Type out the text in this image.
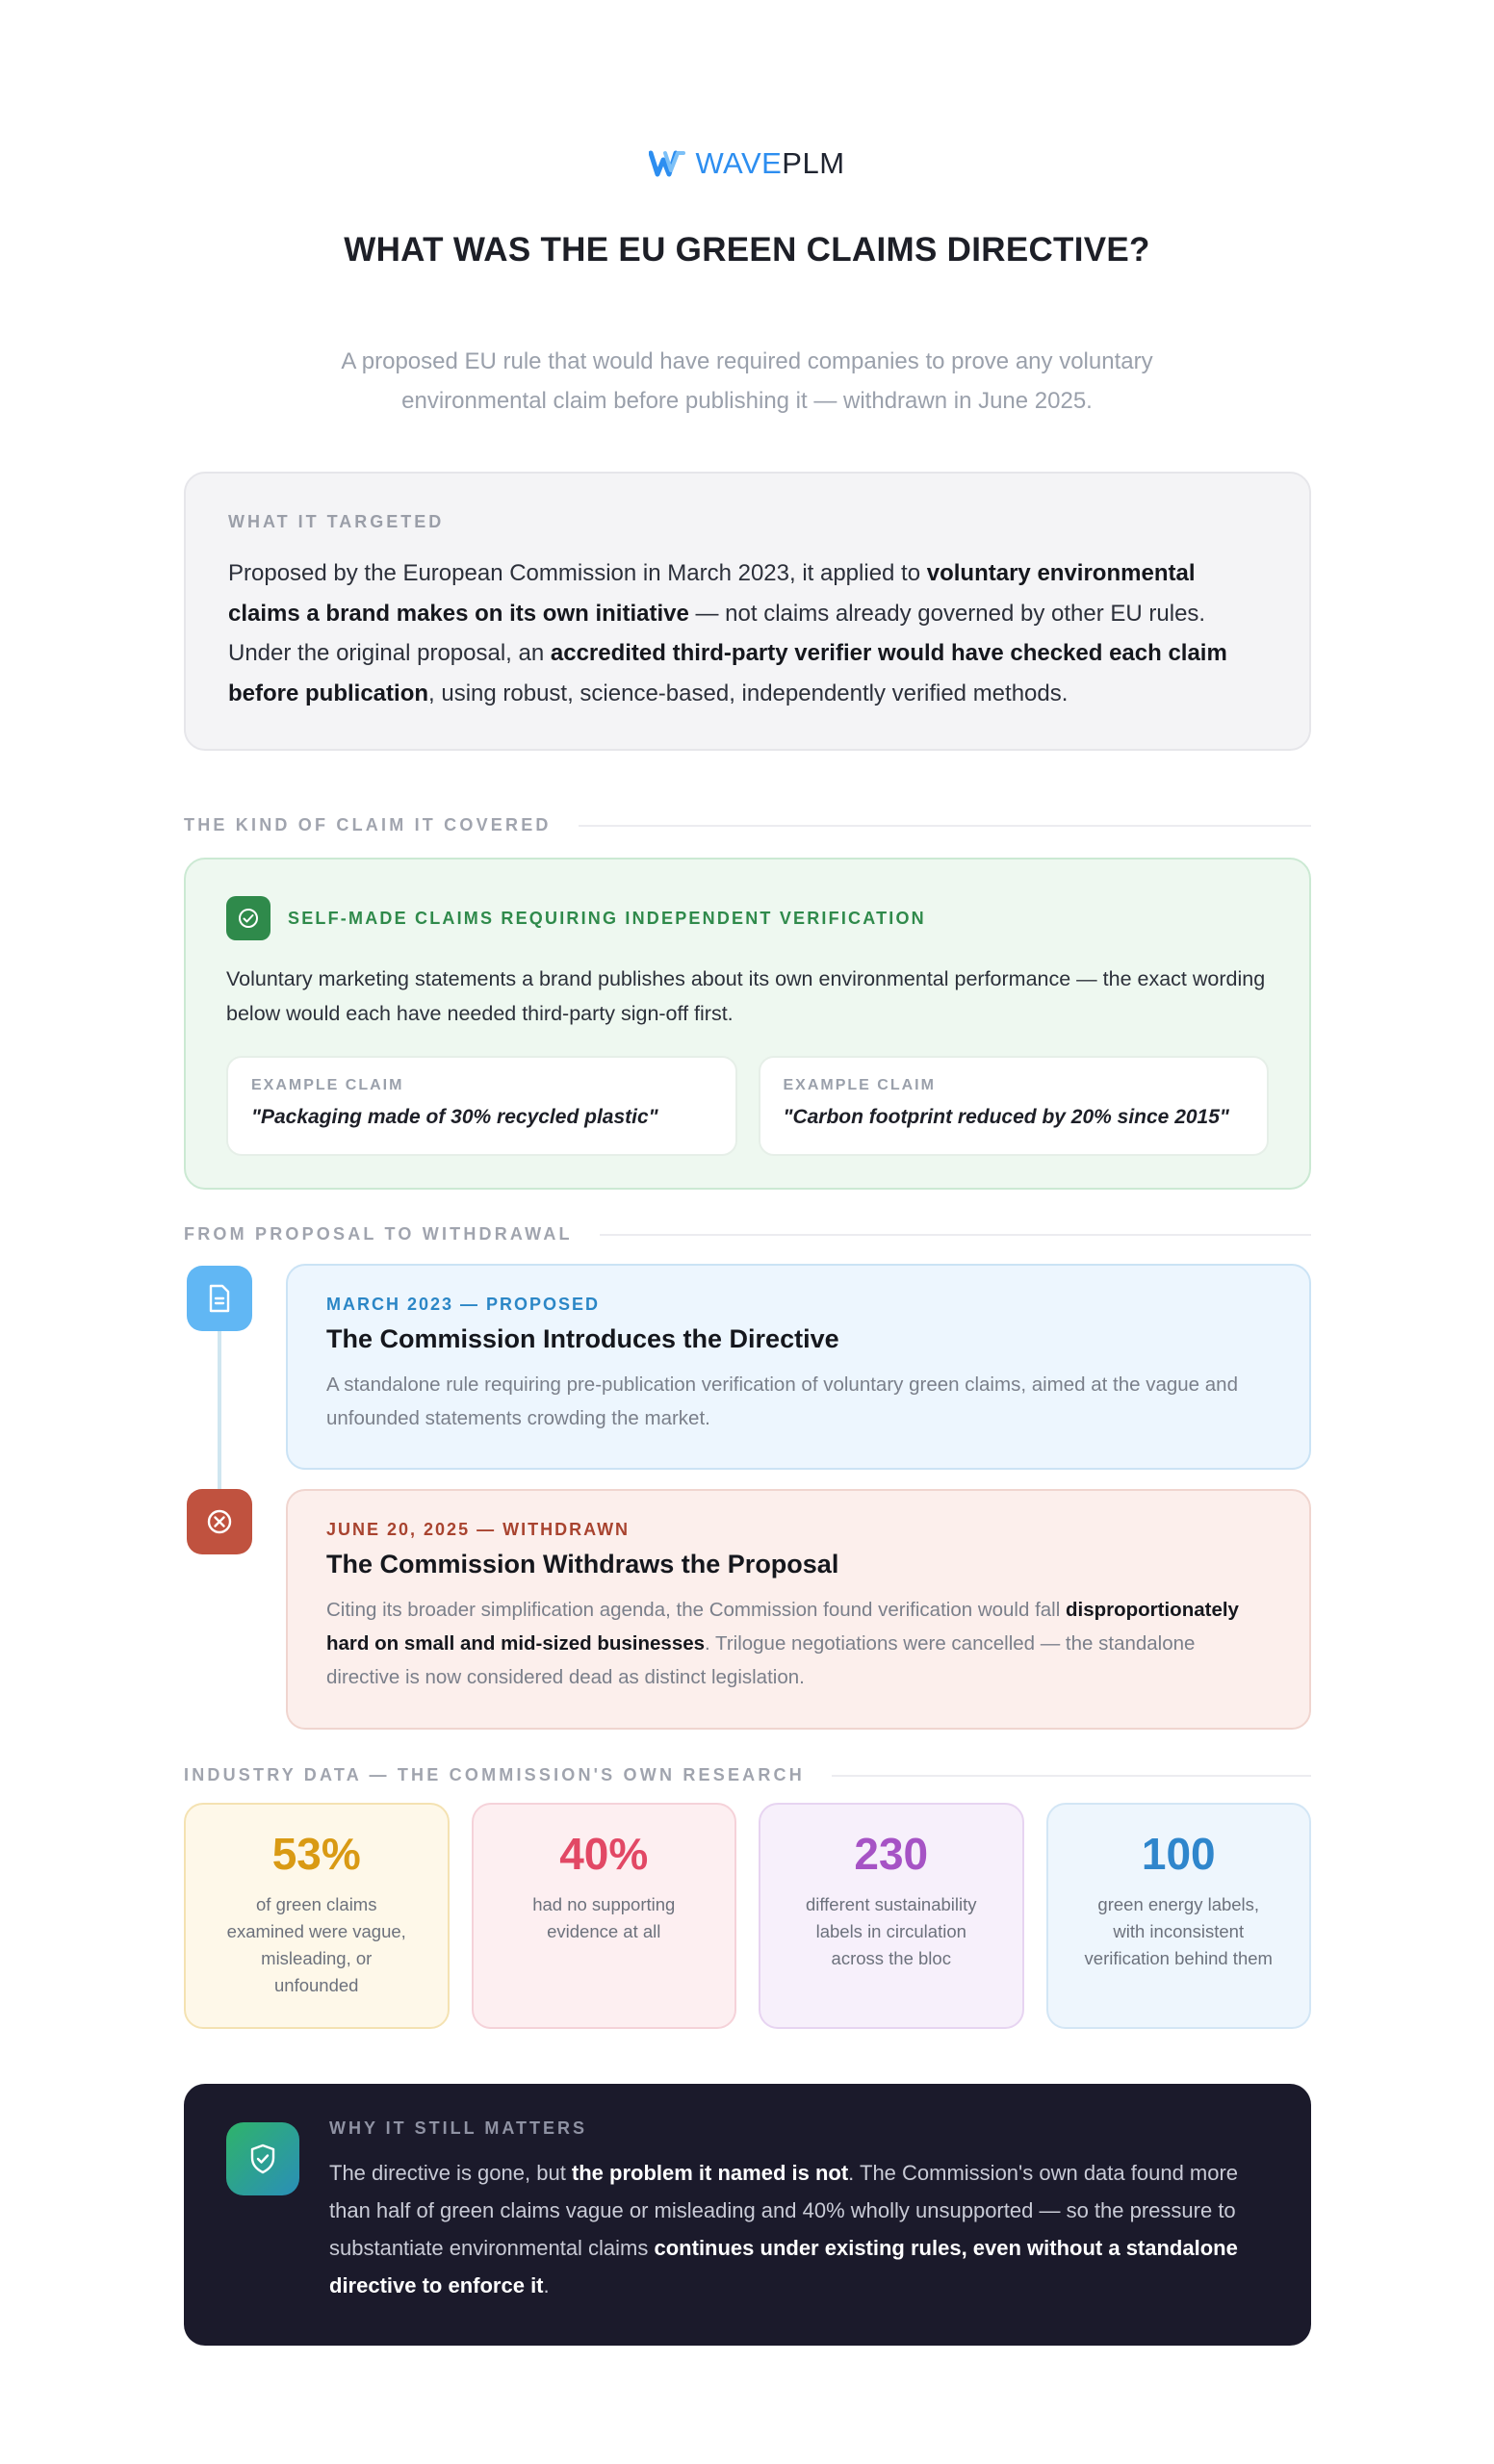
WAVEPLM
WHAT WAS THE EU GREEN CLAIMS DIRECTIVE?

A proposed EU rule that would have required companies to prove any voluntary environmental claim before publishing it — withdrawn in June 2025.

WHAT IT TARGETED

Proposed by the European Commission in March 2023, it applied to voluntary environmental claims a brand makes on its own initiative — not claims already governed by other EU rules. Under the original proposal, an accredited third-party verifier would have checked each claim before publication, using robust, science-based, independently verified methods.

THE KIND OF CLAIM IT COVERED
SELF-MADE CLAIMS REQUIRING INDEPENDENT VERIFICATION

Voluntary marketing statements a brand publishes about its own environmental performance — the exact wording below would each have needed third-party sign-off first.

EXAMPLE CLAIM
"Packaging made of 30% recycled plastic"
EXAMPLE CLAIM
"Carbon footprint reduced by 20% since 2015"
FROM PROPOSAL TO WITHDRAWAL
MARCH 2023 — PROPOSED
The Commission Introduces the Directive

A standalone rule requiring pre-publication verification of voluntary green claims, aimed at the vague and unfounded statements crowding the market.

JUNE 20, 2025 — WITHDRAWN
The Commission Withdraws the Proposal

Citing its broader simplification agenda, the Commission found verification would fall disproportionately hard on small and mid-sized businesses. Trilogue negotiations were cancelled — the standalone directive is now considered dead as distinct legislation.

INDUSTRY DATA — THE COMMISSION'S OWN RESEARCH
53%

of green claims examined were vague, misleading, or unfounded

40%

had no supporting evidence at all

230

different sustainability labels in circulation across the bloc

100

green energy labels, with inconsistent verification behind them

WHY IT STILL MATTERS

The directive is gone, but the problem it named is not. The Commission's own data found more than half of green claims vague or misleading and 40% wholly unsupported — so the pressure to substantiate environmental claims continues under existing rules, even without a standalone directive to enforce it.
